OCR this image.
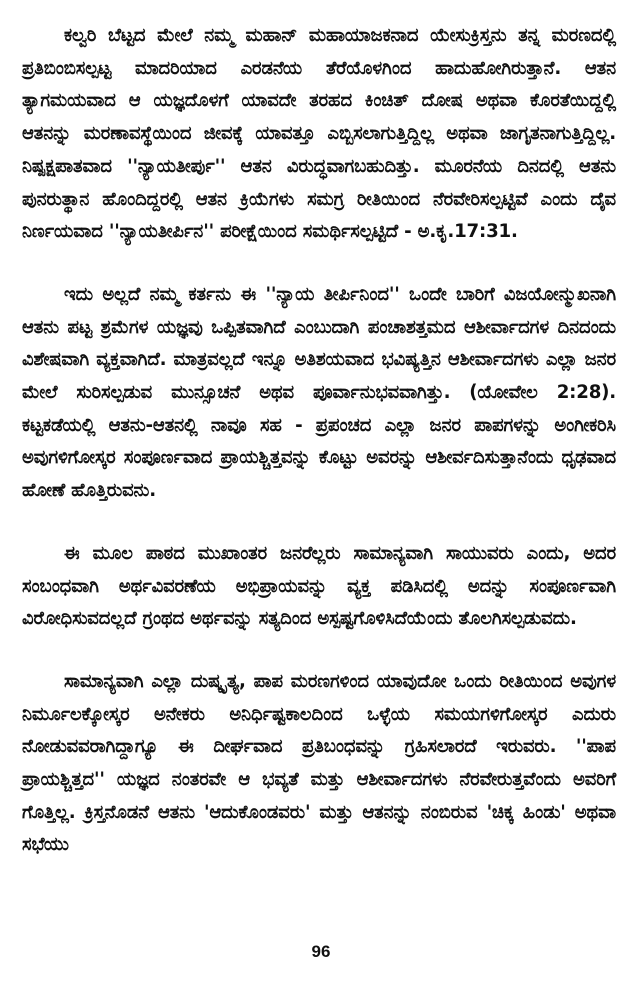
ಕಲ್ವರಿ ಬೆಟ್ಟದ ಮೇಲೆ ನಮ್ಮ ಮಹಾನ್ ಮಹಾಯಾಜಕನಾದ ಯೇಸುಕ್ರಿಸ್ತನು ತನ್ನ ಮರಣದಲ್ಲಿ ಪ್ರತಿಬಿಂಬಿಸಲ್ಪಟ್ಟ ಮಾದರಿಯಾದ ಎರಡನೆಯ ತೆರೆಯೊಳಗಿಂದ ಹಾದುಹೋಗಿರುತ್ತಾನೆ. ಆತನ ತ್ಯಾಗಮಯವಾದ ಆ ಯಜ್ಞದೊಳಗೆ ಯಾವದೇ ತರಹದ ಕಿಂಚಿತ್ ದೋಷ ಅಥವಾ ಕೊರತೆಯಿದ್ದಲ್ಲಿ ಆತನನ್ನು ಮರಣಾವಸ್ಥೆಯಿಂದ ಜೀವಕ್ಕೆ ಯಾವತ್ತೂ ಎಬ್ಬಿಸಲಾಗುತ್ತಿದ್ದಿಲ್ಲ ಅಥವಾ ಜಾಗೃತನಾಗುತ್ತಿದ್ದಿಲ್ಲ. ನಿಷ್ಪಕ್ಷಪಾತವಾದ ''ನ್ಯಾಯತೀರ್ಪು'' ಆತನ ವಿರುದ್ಧವಾಗಬಹುದಿತ್ತು. ಮೂರನೆಯ ದಿನದಲ್ಲಿ ಆತನು ಪುನರುತ್ಥಾನ ಹೊಂದಿದ್ದರಲ್ಲಿ ಆತನ ಕ್ರಿಯೆಗಳು ಸಮಗ್ರ ರೀತಿಯಿಂದ ನೆರವೇರಿಸಲ್ಪಟ್ಟಿವೆ ಎಂದು ದೈವ ನಿರ್ಣಯವಾದ ''ನ್ಯಾಯತೀರ್ಪಿನ'' ಪರೀಕ್ಷೆಯಿಂದ ಸಮರ್ಥಿಸಲ್ಪಟ್ಟಿದೆ - ಅ.ಕೃ.17:31.

ಇದು ಅಲ್ಲದೆ ನಮ್ಮ ಕರ್ತನು ಈ ''ನ್ಯಾಯ ತೀರ್ಪಿನಿಂದ'' ಒಂದೇ ಬಾರಿಗೆ ವಿಜಯೋನ್ಮುಖನಾಗಿ ಆತನು ಪಟ್ಟ ಶ್ರಮೆಗಳ ಯಜ್ಞವು ಒಪ್ಪಿತವಾಗಿದೆ ಎಂಬುದಾಗಿ ಪಂಚಾಶತ್ತಮದ ಆಶೀರ್ವಾದಗಳ ದಿನದಂದು ವಿಶೇಷವಾಗಿ ವ್ಯಕ್ತವಾಗಿದೆ. ಮಾತ್ರವಲ್ಲದೆ ಇನ್ನೂ ಅತಿಶಯವಾದ ಭವಿಷ್ಯತ್ತಿನ ಆಶೀರ್ವಾದಗಳು ಎಲ್ಲಾ ಜನರ ಮೇಲೆ ಸುರಿಸಲ್ಪಡುವ ಮುನ್ಸೂಚನೆ ಅಥವ ಪೂರ್ವಾನುಭವವಾಗಿತ್ತು. (ಯೋವೇಲ 2:28). ಕಟ್ಟಕಡೆಯಲ್ಲಿ ಆತನು-ಆತನಲ್ಲಿ ನಾವೂ ಸಹ - ಪ್ರಪಂಚದ ಎಲ್ಲಾ ಜನರ ಪಾಪಗಳನ್ನು ಅಂಗೀಕರಿಸಿ ಅವುಗಳಿಗೋಸ್ಕರ ಸಂಪೂರ್ಣವಾದ ಪ್ರಾಯಶ್ಚಿತ್ತವನ್ನು ಕೊಟ್ಟು ಅವರನ್ನು ಆಶೀರ್ವದಿಸುತ್ತಾನೆಂದು ಧೃಢವಾದ ಹೋಣೆ ಹೊತ್ತಿರುವನು.

ಈ ಮೂಲ ಪಾಠದ ಮುಖಾಂತರ ಜನರೆಲ್ಲರು ಸಾಮಾನ್ಯವಾಗಿ ಸಾಯುವರು ಎಂದು, ಅದರ ಸಂಬಂಧವಾಗಿ ಅರ್ಥವಿವರಣೆಯ ಅಭಿಪ್ರಾಯವನ್ನು ವ್ಯಕ್ತ ಪಡಿಸಿದಲ್ಲಿ ಅದನ್ನು ಸಂಪೂರ್ಣವಾಗಿ ವಿರೋಧಿಸುವದಲ್ಲದೆ ಗ್ರಂಥದ ಅರ್ಥವನ್ನು ಸತ್ಯದಿಂದ ಅಸ್ಪಷ್ಟಗೊಳಿಸಿದೆಯೆಂದು ತೊಲಗಿಸಲ್ಪಡುವದು.

ಸಾಮಾನ್ಯವಾಗಿ ಎಲ್ಲಾ ದುಷ್ಕೃತ್ಯ, ಪಾಪ ಮರಣಗಳಿಂದ ಯಾವುದೋ ಒಂದು ರೀತಿಯಿಂದ ಅವುಗಳ ನಿರ್ಮೂಲಕ್ಕೋಸ್ಕರ ಅನೇಕರು ಅನಿರ್ಧಿಷ್ಟಕಾಲದಿಂದ ಒಳ್ಳೆಯ ಸಮಯಗಳಿಗೋಸ್ಕರ ಎದುರು ನೋಡುವವರಾಗಿದ್ದಾಗ್ಯೂ ಈ ದೀರ್ಘವಾದ ಪ್ರತಿಬಂಧವನ್ನು ಗ್ರಹಿಸಲಾರದೆ ಇರುವರು. ''ಪಾಪ ಪ್ರಾಯಶ್ಚಿತ್ತದ'' ಯಜ್ಞದ ನಂತರವೇ ಆ ಭವ್ಯತೆ ಮತ್ತು ಆಶೀರ್ವಾದಗಳು ನೆರವೇರುತ್ತವೆಂದು ಅವರಿಗೆ ಗೊತ್ತಿಲ್ಲ. ಕ್ರಿಸ್ತನೊಡನೆ ಆತನು 'ಆದುಕೊಂಡವರು' ಮತ್ತು ಆತನನ್ನು ನಂಬಿರುವ 'ಚಿಕ್ಕ ಹಿಂಡು' ಅಥವಾ ಸಭೆಯು

96
